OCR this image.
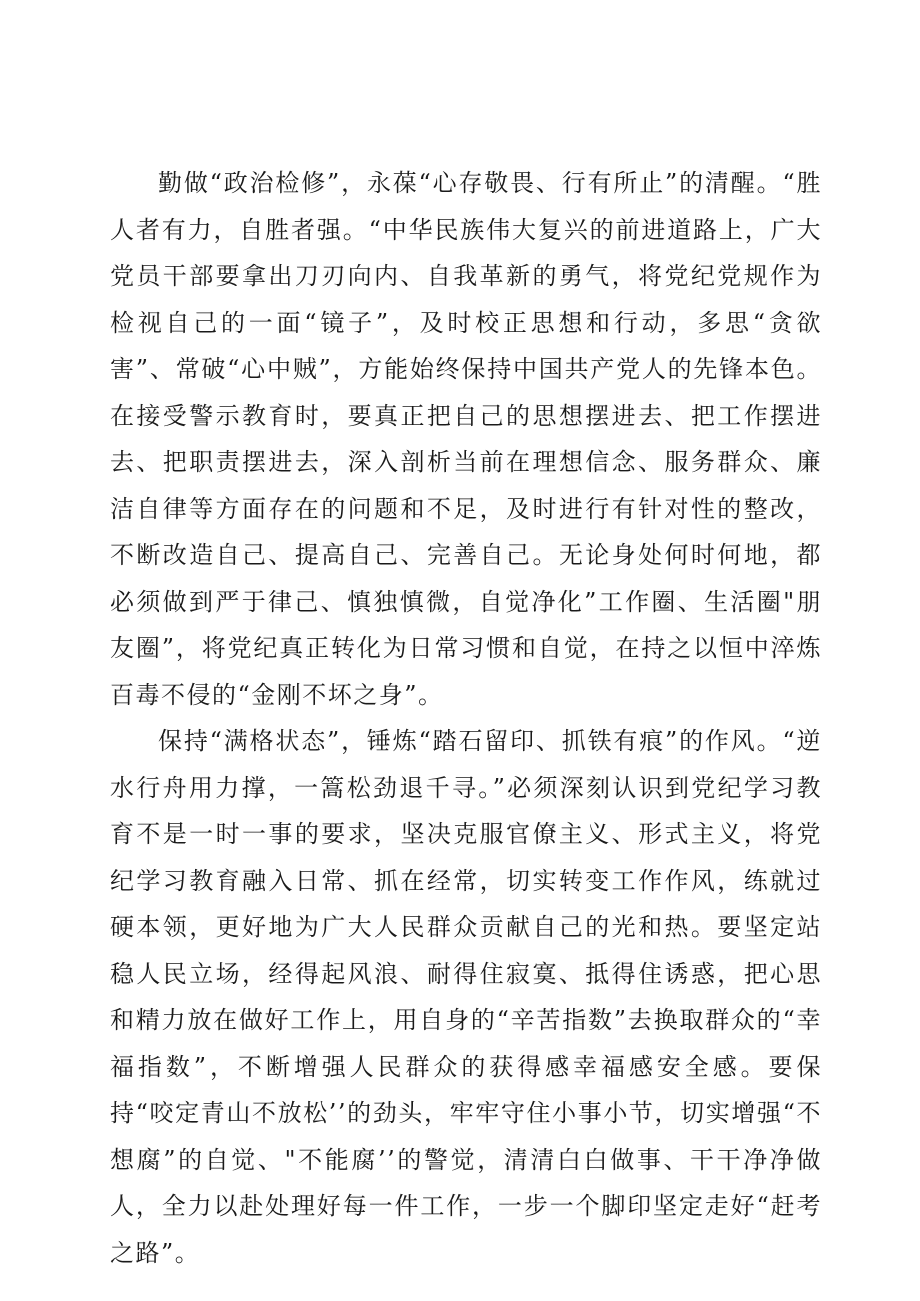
勤做“政治检修”，永葆“心存敬畏、行有所止”的清醒。“胜人者有力，自胜者强。“中华民族伟大复兴的前进道路上，广大党员干部要拿出刀刃向内、自我革新的勇气，将党纪党规作为检视自己的一面“镜子”，及时校正思想和行动，多思“贪欲害”、常破“心中贼”，方能始终保持中国共产党人的先锋本色。在接受警示教育时，要真正把自己的思想摆进去、把工作摆进去、把职责摆进去，深入剖析当前在理想信念、服务群众、廉洁自律等方面存在的问题和不足，及时进行有针对性的整改，不断改造自己、提高自己、完善自己。无论身处何时何地，都必须做到严于律己、慎独慎微，自觉净化”工作圈、生活圈"朋友圈”，将党纪真正转化为日常习惯和自觉，在持之以恒中淬炼百毒不侵的“金刚不坏之身”。

保持“满格状态”，锤炼“踏石留印、抓铁有痕”的作风。“逆水行舟用力撑，一篙松劲退千寻。”必须深刻认识到党纪学习教育不是一时一事的要求，坚决克服官僚主义、形式主义，将党纪学习教育融入日常、抓在经常，切实转变工作作风，练就过硬本领，更好地为广大人民群众贡献自己的光和热。要坚定站稳人民立场，经得起风浪、耐得住寂寞、抵得住诱惑，把心思和精力放在做好工作上，用自身的“辛苦指数”去换取群众的“幸福指数”，不断增强人民群众的获得感幸福感安全感。要保持“咬定青山不放松’’的劲头，牢牢守住小事小节，切实增强“不想腐”的自觉、"不能腐’’的警觉，清清白白做事、干干净净做人，全力以赴处理好每一件工作，一步一个脚印坚定走好“赶考之路”。
